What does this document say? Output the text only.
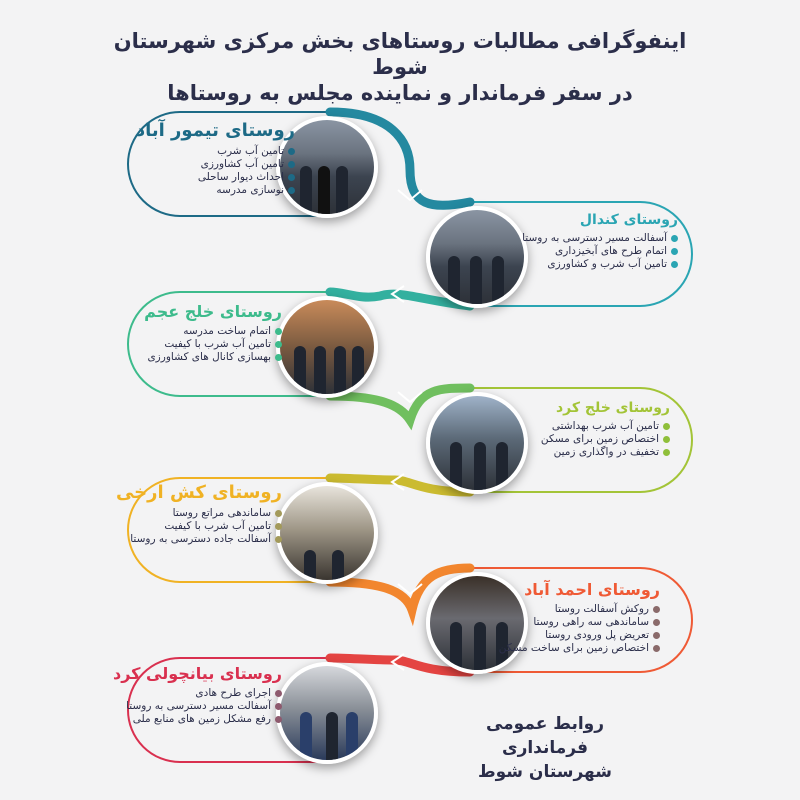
اینفوگرافی مطالبات روستاهای بخش مرکزی شهرستان شوط
در سفر فرماندار و نماینده مجلس به روستاها
روستای تیمور آباد
تامین آب شرب
تامین آب کشاورزی
احداث دیوار ساحلی
نوسازی مدرسه
روستای کندال
آسفالت مسیر دسترسی به روستا
اتمام طرح های آبخیزداری
تامین آب شرب و کشاورزی
روستای خلج عجم
اتمام ساخت مدرسه
تامین آب شرب با کیفیت
بهسازی کانال های کشاورزی
روستای خلج کرد
تامین آب شرب بهداشتی
اختصاص زمین برای مسکن
تخفیف در واگذاری زمین
روستای کش ارخی
ساماندهی مراتع روستا
تامین آب شرب با کیفیت
آسفالت جاده دسترسی به روستا
روستای احمد آباد
روکش آسفالت روستا
ساماندهی سه راهی روستا
تعریض پل ورودی روستا
اختصاص زمین برای ساخت مسکن
روستای بیانچولی کرد
اجرای طرح هادی
آسفالت مسیر دسترسی به روستا
رفع مشکل زمین های منابع ملی	روابط عمومی فرمانداری
شهرستان شوط
